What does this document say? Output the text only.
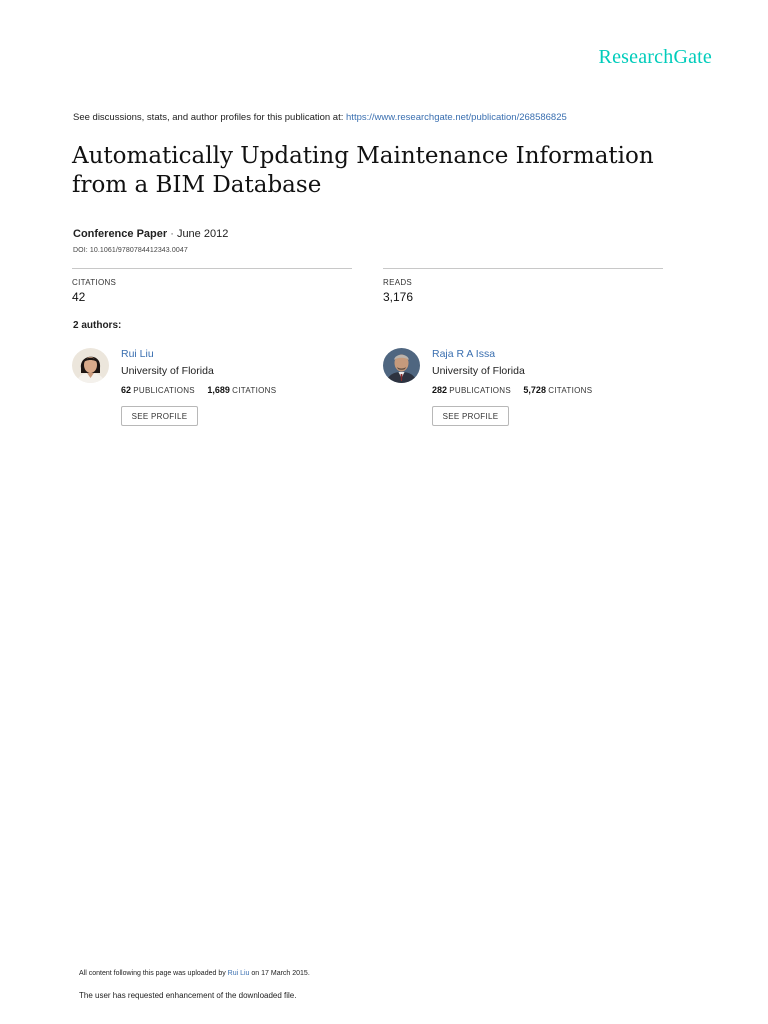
ResearchGate
See discussions, stats, and author profiles for this publication at: https://www.researchgate.net/publication/268586825
Automatically Updating Maintenance Information from a BIM Database
Conference Paper · June 2012
DOI: 10.1061/9780784412343.0047
CITATIONS
42
READS
3,176
2 authors:
Rui Liu
University of Florida
62 PUBLICATIONS 1,689 CITATIONS
SEE PROFILE
Raja R A Issa
University of Florida
282 PUBLICATIONS 5,728 CITATIONS
SEE PROFILE
All content following this page was uploaded by Rui Liu on 17 March 2015.
The user has requested enhancement of the downloaded file.
